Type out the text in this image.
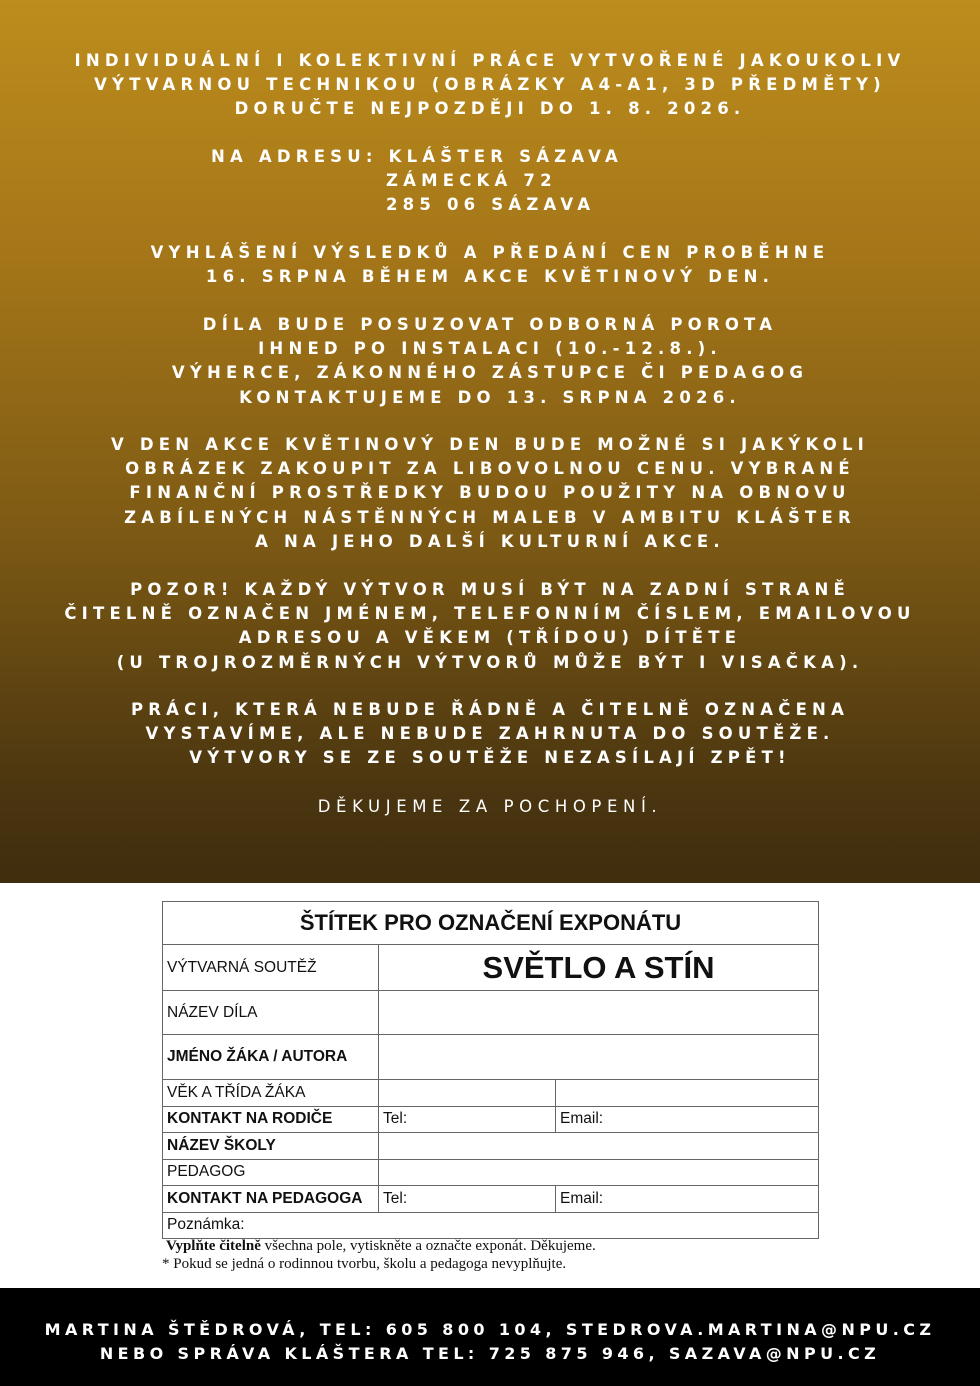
INDIVIDUÁLNÍ I KOLEKTIVNÍ PRÁCE VYTVOŘENÉ JAKOUKOLIV
VÝTVARNOU TECHNIKOU (OBRÁZKY A4-A1, 3D PŘEDMĚTY)
DORUČTE NEJPOZDĚJI DO 1. 8. 2026.
NA ADRESU: KLÁŠTER SÁZAVA
ZÁMECKÁ 72
285 06 SÁZAVA
VYHLÁŠENÍ VÝSLEDKŮ A PŘEDÁNÍ CEN PROBĚHNE
16. SRPNA BĚHEM AKCE KVĚTINOVÝ DEN.
DÍLA BUDE POSUZOVAT ODBORNÁ POROTA
IHNED PO INSTALACI (10.-12.8.).
VÝHERCE, ZÁKONNÉHO ZÁSTUPCE ČI PEDAGOG
KONTAKTUJEME DO 13. SRPNA 2026.
V DEN AKCE KVĚTINOVÝ DEN BUDE MOŽNÉ SI JAKÝKOLI
OBRÁZEK ZAKOUPIT ZA LIBOVOLNOU CENU. VYBRANÉ
FINANČNÍ PROSTŘEDKY BUDOU POUŽITY NA OBNOVU
ZABÍLENÝCH NÁSTĚNNÝCH MALEB V AMBITU KLÁŠTER
A NA JEHO DALŠÍ KULTURNÍ AKCE.
POZOR! KAŽDÝ VÝTVOR MUSÍ BÝT NA ZADNÍ STRANĚ
ČITELNĚ OZNAČEN JMÉNEM, TELEFONNÍM ČÍSLEM, EMAILOVOU
ADRESOU A VĚKEM (TŘÍDOU) DÍTĚTE
(U TROJROZMĚRNÝCH VÝTVORŮ MŮŽE BÝT I VISAČKA).
PRÁCI, KTERÁ NEBUDE ŘÁDNĚ A ČITELNĚ OZNAČENA
VYSTAVÍME, ALE NEBUDE ZAHRNUTA DO SOUTĚŽE.
VÝTVORY SE ZE SOUTĚŽE NEZASÍLAJÍ ZPĚT!
DĚKUJEME ZA POCHOPENÍ.
ŠTÍTEK PRO OZNAČENÍ EXPONÁTU		
VÝTVARNÁ SOUTĚŽ	SVĚTLO A STÍN	
NÁZEV DÍLA		
JMÉNO ŽÁKA / AUTORA		
VĚK A TŘÍDA ŽÁKA		
KONTAKT NA RODIČE	Tel:	Email:
NÁZEV ŠKOLY		
PEDAGOG		
KONTAKT NA PEDAGOGA	Tel:	Email:
Poznámka:		
Vyplňte čitelně všechna pole, vytiskněte a označte exponát. Děkujeme.
* Pokud se jedná o rodinnou tvorbu, školu a pedagoga nevyplňujte.
MARTINA ŠTĚDROVÁ, TEL: 605 800 104, STEDROVA.MARTINA@NPU.CZ
NEBO SPRÁVA KLÁŠTERA TEL: 725 875 946, SAZAVA@NPU.CZ
